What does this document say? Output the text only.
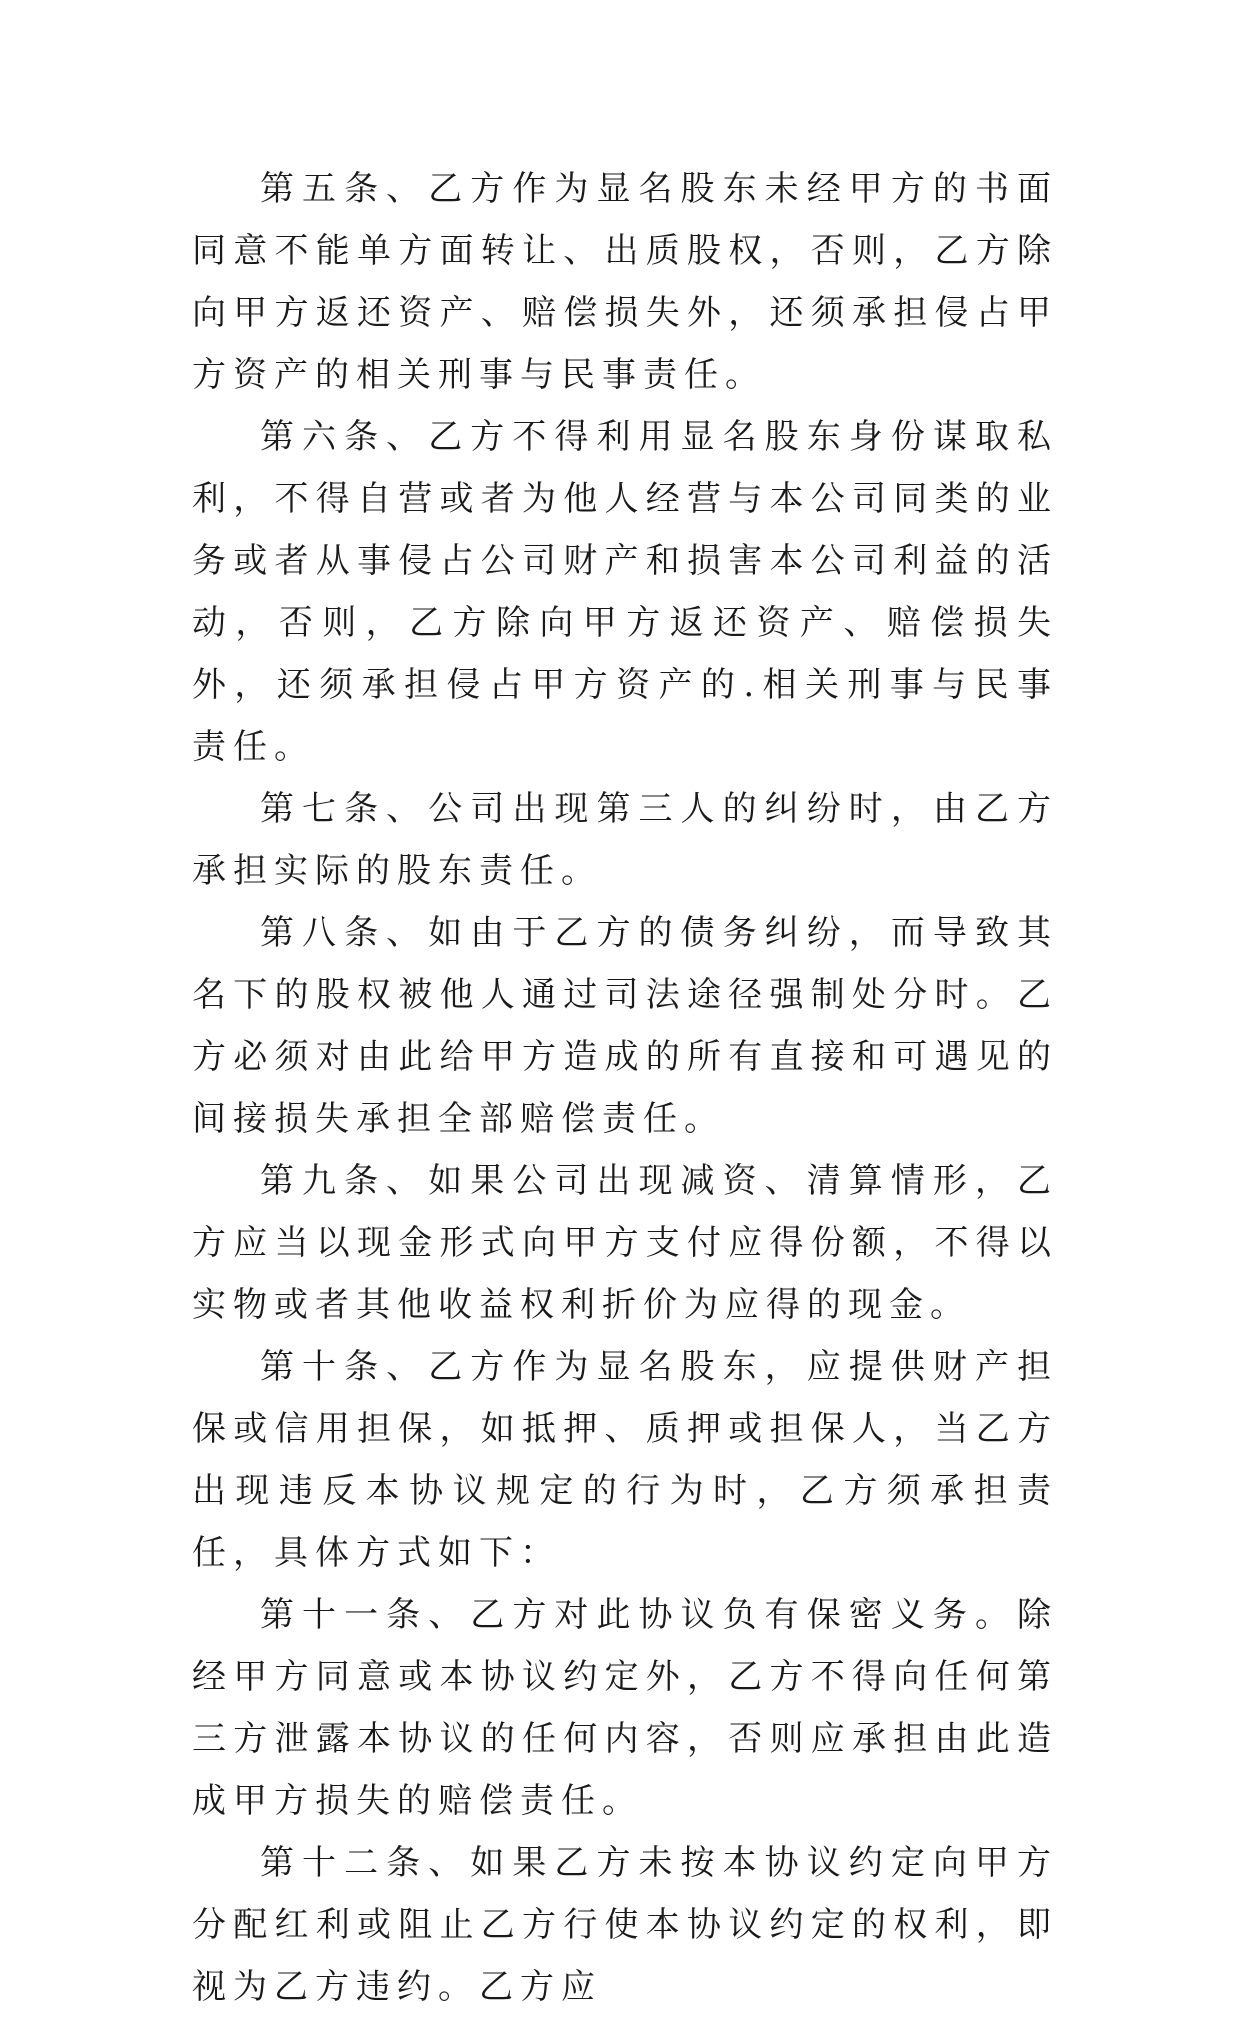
第五条、乙方作为显名股东未经甲方的书面同意不能单方面转让、出质股权，否则，乙方除向甲方返还资产、赔偿损失外，还须承担侵占甲方资产的相关刑事与民事责任。

第六条、乙方不得利用显名股东身份谋取私利，不得自营或者为他人经营与本公司同类的业务或者从事侵占公司财产和损害本公司利益的活动，否则，乙方除向甲方返还资产、赔偿损失外，还须承担侵占甲方资产的.相关刑事与民事责任。

第七条、公司出现第三人的纠纷时，由乙方承担实际的股东责任。

第八条、如由于乙方的债务纠纷，而导致其名下的股权被他人通过司法途径强制处分时。乙方必须对由此给甲方造成的所有直接和可遇见的间接损失承担全部赔偿责任。

第九条、如果公司出现减资、清算情形，乙方应当以现金形式向甲方支付应得份额，不得以实物或者其他收益权利折价为应得的现金。

第十条、乙方作为显名股东，应提供财产担保或信用担保，如抵押、质押或担保人，当乙方出现违反本协议规定的行为时，乙方须承担责任，具体方式如下：

第十一条、乙方对此协议负有保密义务。除经甲方同意或本协议约定外，乙方不得向任何第三方泄露本协议的任何内容，否则应承担由此造成甲方损失的赔偿责任。

第十二条、如果乙方未按本协议约定向甲方分配红利或阻止乙方行使本协议约定的权利，即视为乙方违约。乙方应
